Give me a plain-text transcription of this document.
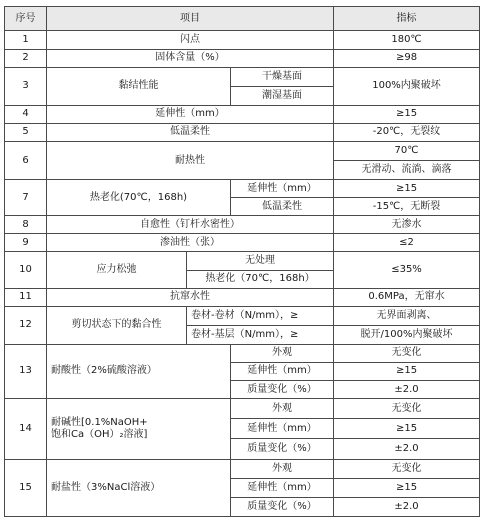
序号	项目			指标
1	闪点			180℃
2	固体含量（%）			≥98
3	黏结性能		干燥基面	100%内聚破坏
			潮湿基面	
4	延伸性（mm）			≥15
5	低温柔性			-20℃，无裂纹
6	耐热性			70℃
				无滑动、流淌、滴落
7	热老化(70℃，168h)		延伸性（mm）	≥15
			低温柔性	-15℃，无断裂
8	自愈性（钉杆水密性）			无渗水
9	渗油性（张）			≤2
10	应力松弛	无处理		≤35%
		热老化（70℃，168h）		
11	抗窜水性			0.6MPa，无窜水
12	剪切状态下的黏合性	卷材-卷材（N/mm），≥		无界面剥离、
		卷材-基层（N/mm），≥		脱开/100%内聚破坏
13	耐酸性（2%硫酸溶液）		外观	无变化
			延伸性（mm）	≥15
			质量变化（%）	±2.0
14	耐碱性[0.1%NaOH+
饱和Ca（OH）₂溶液]		外观	无变化
			延伸性（mm）	≥15
			质量变化（%）	±2.0
15	耐盐性（3%NaCl溶液）		外观	无变化
			延伸性（mm）	≥15
			质量变化（%）	±2.0
